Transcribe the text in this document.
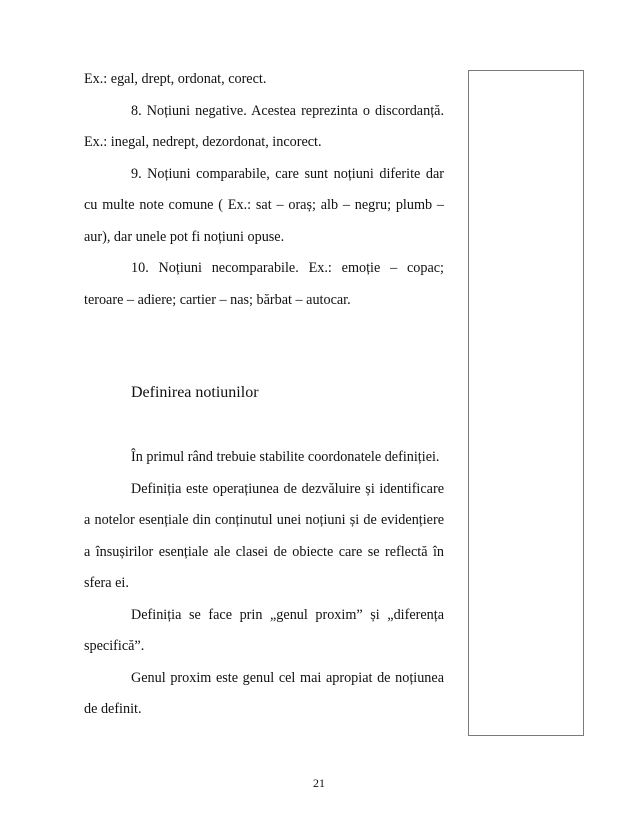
Ex.: egal, drept, ordonat, corect.

8. Noțiuni negative. Acestea reprezinta o discordanță.

Ex.: inegal, nedrept, dezordonat, incorect.

9. Noțiuni comparabile, care sunt noțiuni diferite dar cu multe note comune ( Ex.: sat – oraș; alb – negru; plumb – aur), dar unele pot fi noțiuni opuse.

10. Noțiuni necomparabile. Ex.: emoție – copac; teroare – adiere; cartier – nas; bărbat – autocar.

Definirea notiunilor

În primul rând trebuie stabilite coordonatele definiției.

Definiția este operațiunea de dezvăluire și identificare a notelor esențiale din conținutul unei noțiuni și de evidențiere a însușirilor esențiale ale clasei de obiecte care se reflectă în sfera ei.

Definiția se face prin „genul proxim” și „diferența specifică”.

Genul proxim este genul cel mai apropiat de noțiunea de definit.

21
